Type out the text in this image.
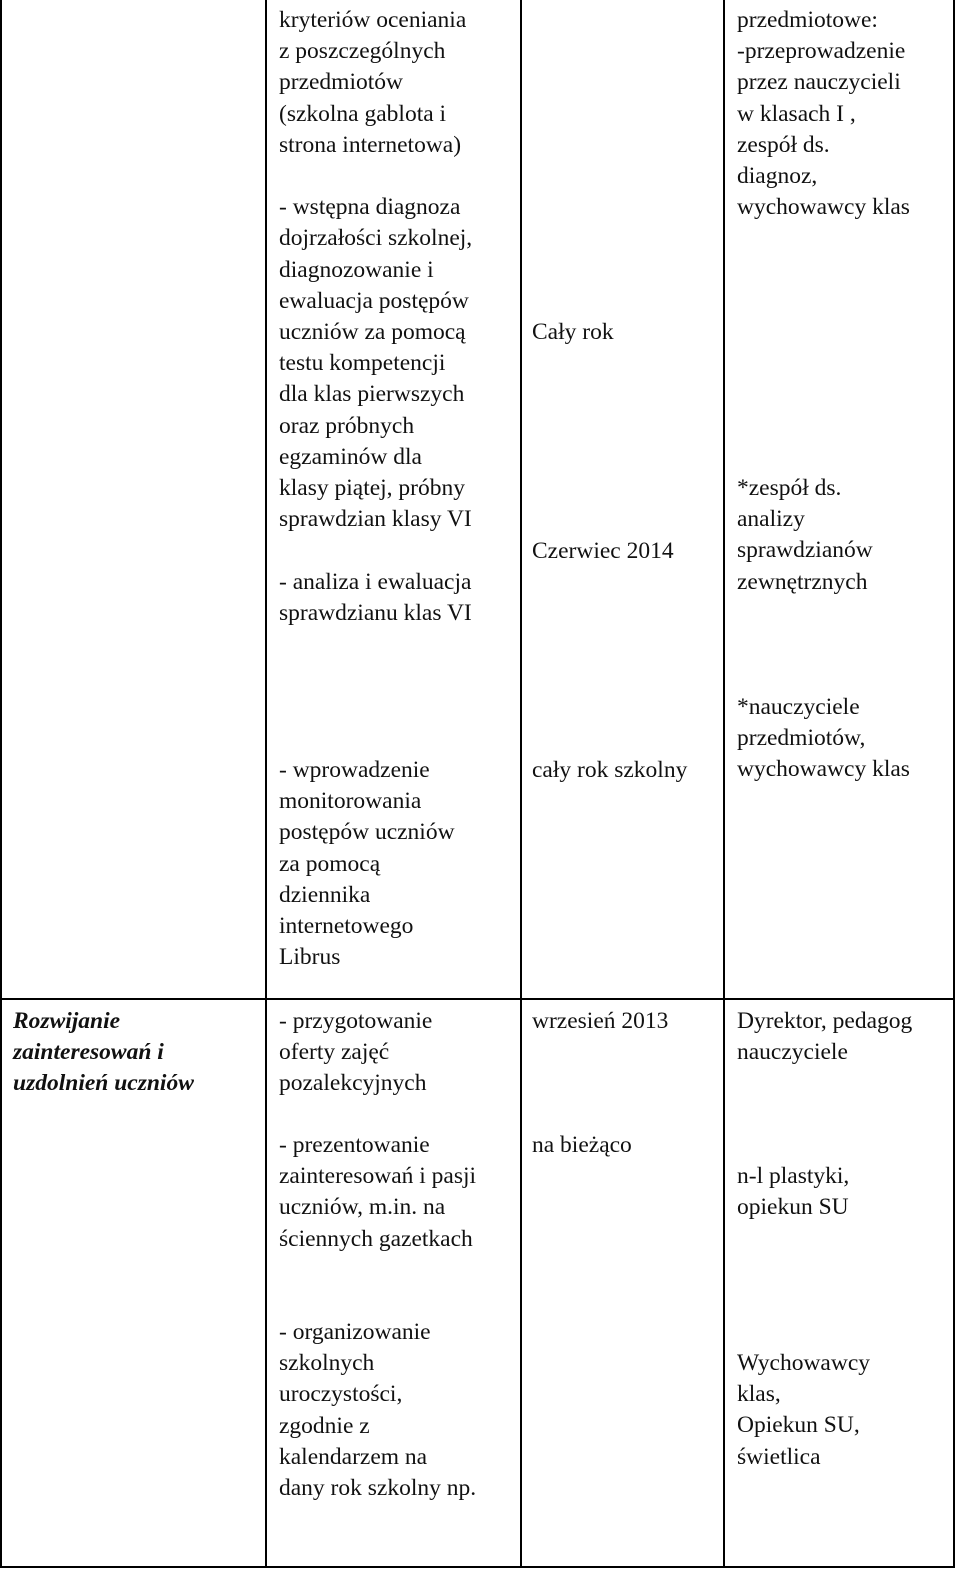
kryteriów oceniania
z poszczególnych
przedmiotów
(szkolna gablota i
strona internetowa)

- wstępna diagnoza
dojrzałości szkolnej,
diagnozowanie i
ewaluacja postępów
uczniów za pomocą
testu kompetencji
dla klas pierwszych
oraz próbnych
egzaminów dla
klasy piątej, próbny
sprawdzian klasy VI

- analiza i ewaluacja
sprawdzianu klas VI

Cały rok

Czerwiec 2014

przedmiotowe:
-przeprowadzenie
przez nauczycieli
w klasach I ,
zespół ds.
diagnoz,
wychowawcy klas

*zespół ds.
analizy
sprawdzianów
zewnętrznych

- wprowadzenie
monitorowania
postępów uczniów
za pomocą
dziennika
internetowego
Librus

cały rok szkolny

*nauczyciele
przedmiotów,
wychowawcy klas

Rozwijanie
zainteresowań i
uzdolnień uczniów

- przygotowanie
oferty zajęć
pozalekcyjnych

wrzesień 2013	Dyrektor, pedagog
nauczyciele

- prezentowanie
zainteresowań i pasji
uczniów, m.in. na
ściennych gazetkach

na bieżąco

n-l plastyki,
opiekun SU

- organizowanie
szkolnych
uroczystości,
zgodnie z
kalendarzem na
dany rok szkolny np.

Wychowawcy
klas,
Opiekun SU,
świetlica
